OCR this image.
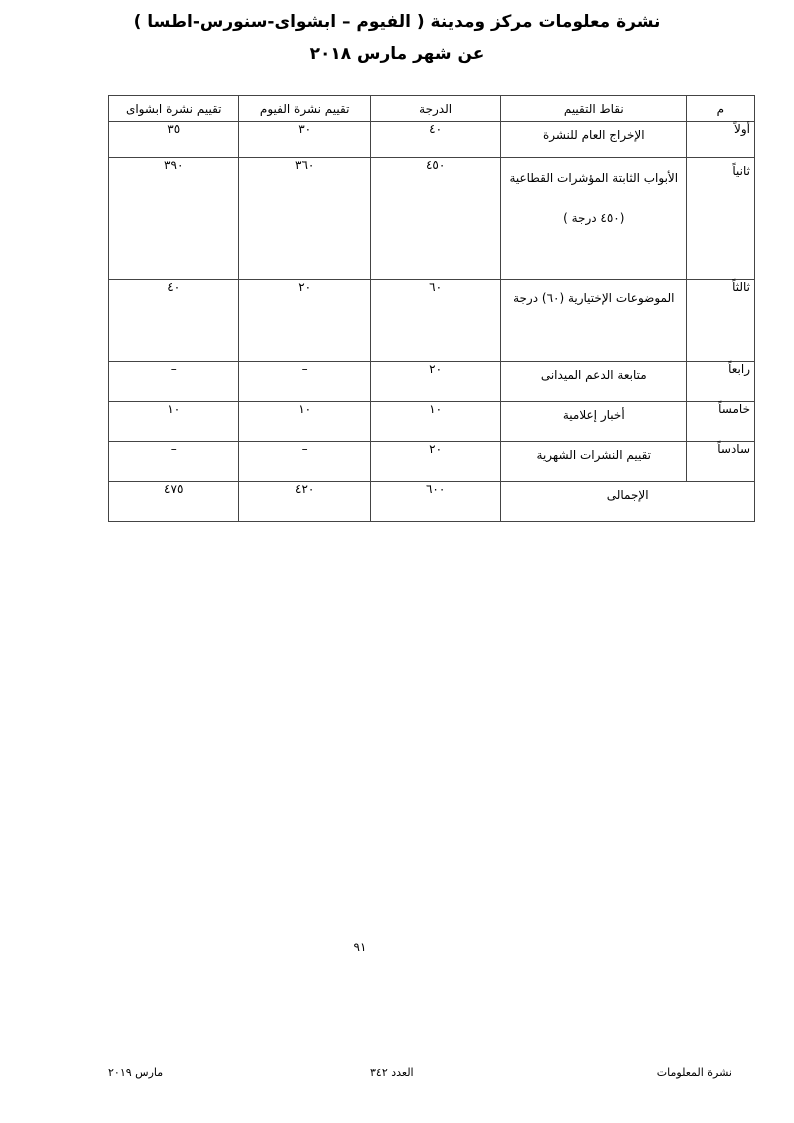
نشرة معلومات مركز ومدينة ( الفيوم – ابشواى-سنورس-اطسا )
عن شهر مارس ٢٠١٨
م	نقاط التقييم	الدرجة	تقييم نشرة الفيوم	تقييم نشرة ابشواى
أولاً	الإخراج العام للنشرة	٤٠	٣٠	٣٥
ثانياً	الأبواب الثابتة المؤشرات القطاعية (٤٥٠ درجة )	٤٥٠	٣٦٠	٣٩٠
ثالثاً	الموضوعات الإختيارية (٦٠) درجة	٦٠	٢٠	٤٠
رابعاً	متابعة الدعم الميدانى	٢٠	–	–
خامساً	أخبار إعلامية	١٠	١٠	١٠
سادساً	تقييم النشرات الشهرية	٢٠	–	–
الإجمالى		٦٠٠	٤٢٠	٤٧٥
٩١
نشرة المعلومات
العدد ٣٤٢
مارس ٢٠١٩
